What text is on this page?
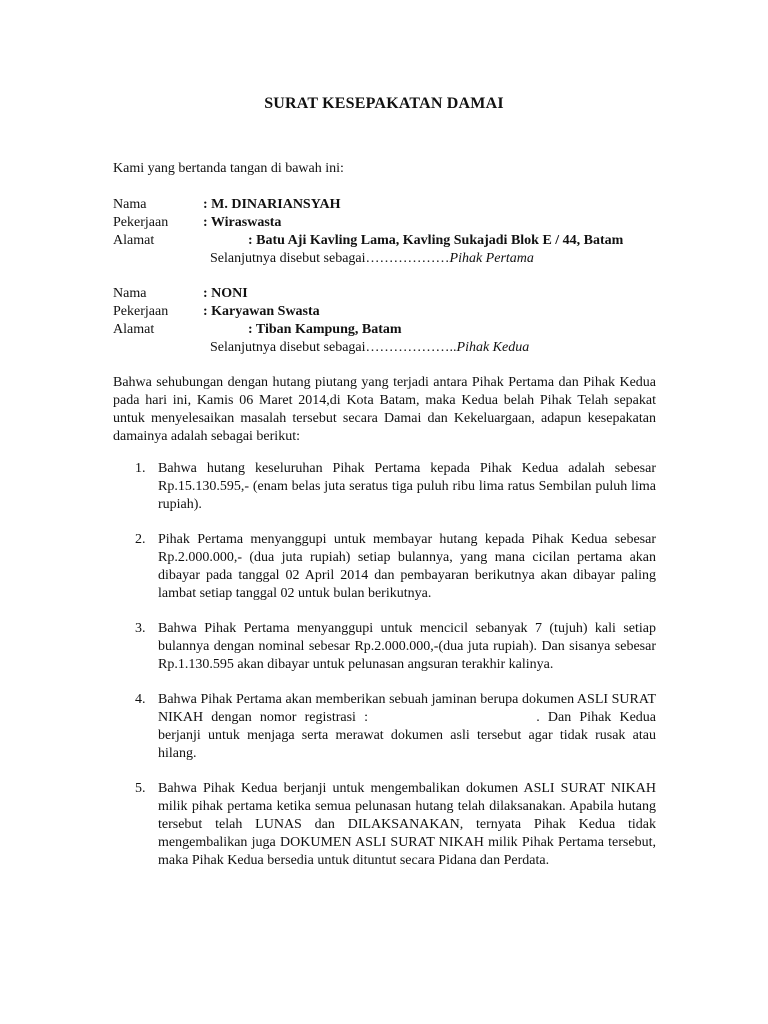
SURAT KESEPAKATAN DAMAI
Kami yang bertanda tangan di bawah ini:
Nama	: M. DINARIANSYAH
Pekerjaan : Wiraswasta
Alamat	: Batu Aji Kavling Lama, Kavling Sukajadi Blok E / 44, Batam
Selanjutnya disebut sebagai………………Pihak Pertama
Nama	: NONI
Pekerjaan : Karyawan Swasta
Alamat	: Tiban Kampung, Batam
Selanjutnya disebut sebagai………………..Pihak Kedua
Bahwa sehubungan dengan hutang piutang yang terjadi antara Pihak Pertama dan Pihak Kedua pada hari ini, Kamis 06 Maret 2014,di Kota Batam, maka Kedua belah Pihak Telah sepakat untuk menyelesaikan masalah tersebut secara Damai dan Kekeluargaan, adapun kesepakatan damainya adalah sebagai berikut:
1. Bahwa hutang keseluruhan Pihak Pertama kepada Pihak Kedua adalah sebesar Rp.15.130.595,- (enam belas juta seratus tiga puluh ribu lima ratus Sembilan puluh lima rupiah).
2. Pihak Pertama menyanggupi untuk membayar hutang kepada Pihak Kedua sebesar Rp.2.000.000,- (dua juta rupiah) setiap bulannya, yang mana cicilan pertama akan dibayar pada tanggal 02 April 2014 dan pembayaran berikutnya akan dibayar paling lambat setiap tanggal 02 untuk bulan berikutnya.
3. Bahwa Pihak Pertama menyanggupi untuk mencicil sebanyak 7 (tujuh) kali setiap bulannya dengan nominal sebesar Rp.2.000.000,-(dua juta rupiah). Dan sisanya sebesar Rp.1.130.595 akan dibayar untuk pelunasan angsuran terakhir kalinya.
4. Bahwa Pihak Pertama akan memberikan sebuah jaminan berupa dokumen ASLI SURAT NIKAH dengan nomor registrasi :	. Dan Pihak Kedua berjanji untuk menjaga serta merawat dokumen asli tersebut agar tidak rusak atau hilang.
5. Bahwa Pihak Kedua berjanji untuk mengembalikan dokumen ASLI SURAT NIKAH milik pihak pertama ketika semua pelunasan hutang telah dilaksanakan. Apabila hutang tersebut telah LUNAS dan DILAKSANAKAN, ternyata Pihak Kedua tidak mengembalikan juga DOKUMEN ASLI SURAT NIKAH milik Pihak Pertama tersebut, maka Pihak Kedua bersedia untuk dituntut secara Pidana dan Perdata.
